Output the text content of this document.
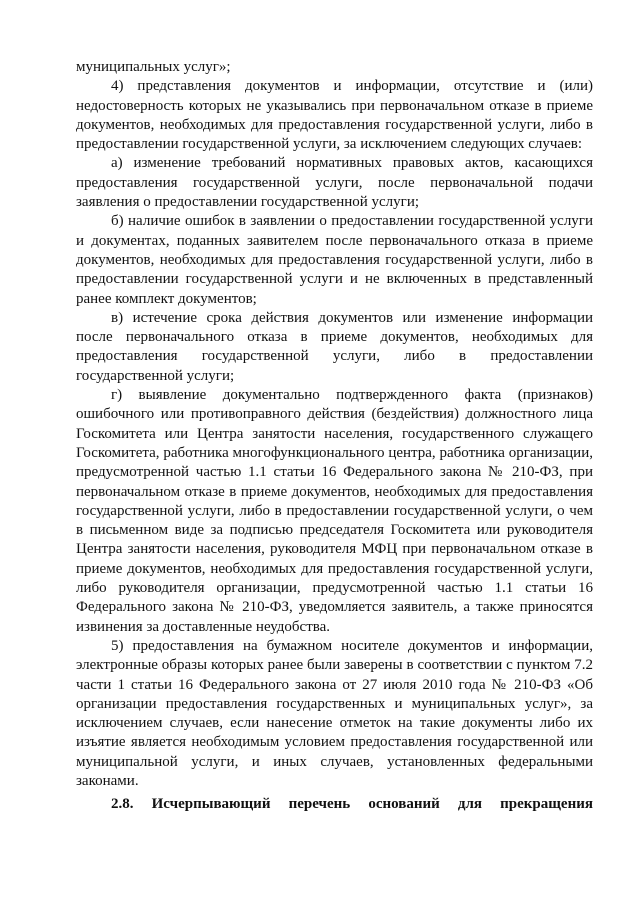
муниципальных услуг»;

4) представления документов и информации, отсутствие и (или) недостоверность которых не указывались при первоначальном отказе в приеме документов, необходимых для предоставления государственной услуги, либо в предоставлении государственной услуги, за исключением следующих случаев:

а) изменение требований нормативных правовых актов, касающихся предоставления государственной услуги, после первоначальной подачи заявления о предоставлении государственной услуги;

б) наличие ошибок в заявлении о предоставлении государственной услуги и документах, поданных заявителем после первоначального отказа в приеме документов, необходимых для предоставления государственной услуги, либо в предоставлении государственной услуги и не включенных в представленный ранее комплект документов;

в) истечение срока действия документов или изменение информации после первоначального отказа в приеме документов, необходимых для предоставления государственной услуги, либо в предоставлении государственной услуги;

г) выявление документально подтвержденного факта (признаков) ошибочного или противоправного действия (бездействия) должностного лица Госкомитета или Центра занятости населения, государственного служащего Госкомитета, работника многофункционального центра, работника организации, предусмотренной частью 1.1 статьи 16 Федерального закона № 210-ФЗ, при первоначальном отказе в приеме документов, необходимых для предоставления государственной услуги, либо в предоставлении государственной услуги, о чем в письменном виде за подписью председателя Госкомитета или руководителя Центра занятости населения, руководителя МФЦ при первоначальном отказе в приеме документов, необходимых для предоставления государственной услуги, либо руководителя организации, предусмотренной частью 1.1 статьи 16 Федерального закона № 210-ФЗ, уведомляется заявитель, а также приносятся извинения за доставленные неудобства.

5) предоставления на бумажном носителе документов и информации, электронные образы которых ранее были заверены в соответствии с пунктом 7.2 части 1 статьи 16 Федерального закона от 27 июля 2010 года № 210-ФЗ «Об организации предоставления государственных и муниципальных услуг», за исключением случаев, если нанесение отметок на такие документы либо их изъятие является необходимым условием предоставления государственной или муниципальной услуги, и иных случаев, установленных федеральными законами.

2.8. Исчерпывающий перечень оснований для прекращения
